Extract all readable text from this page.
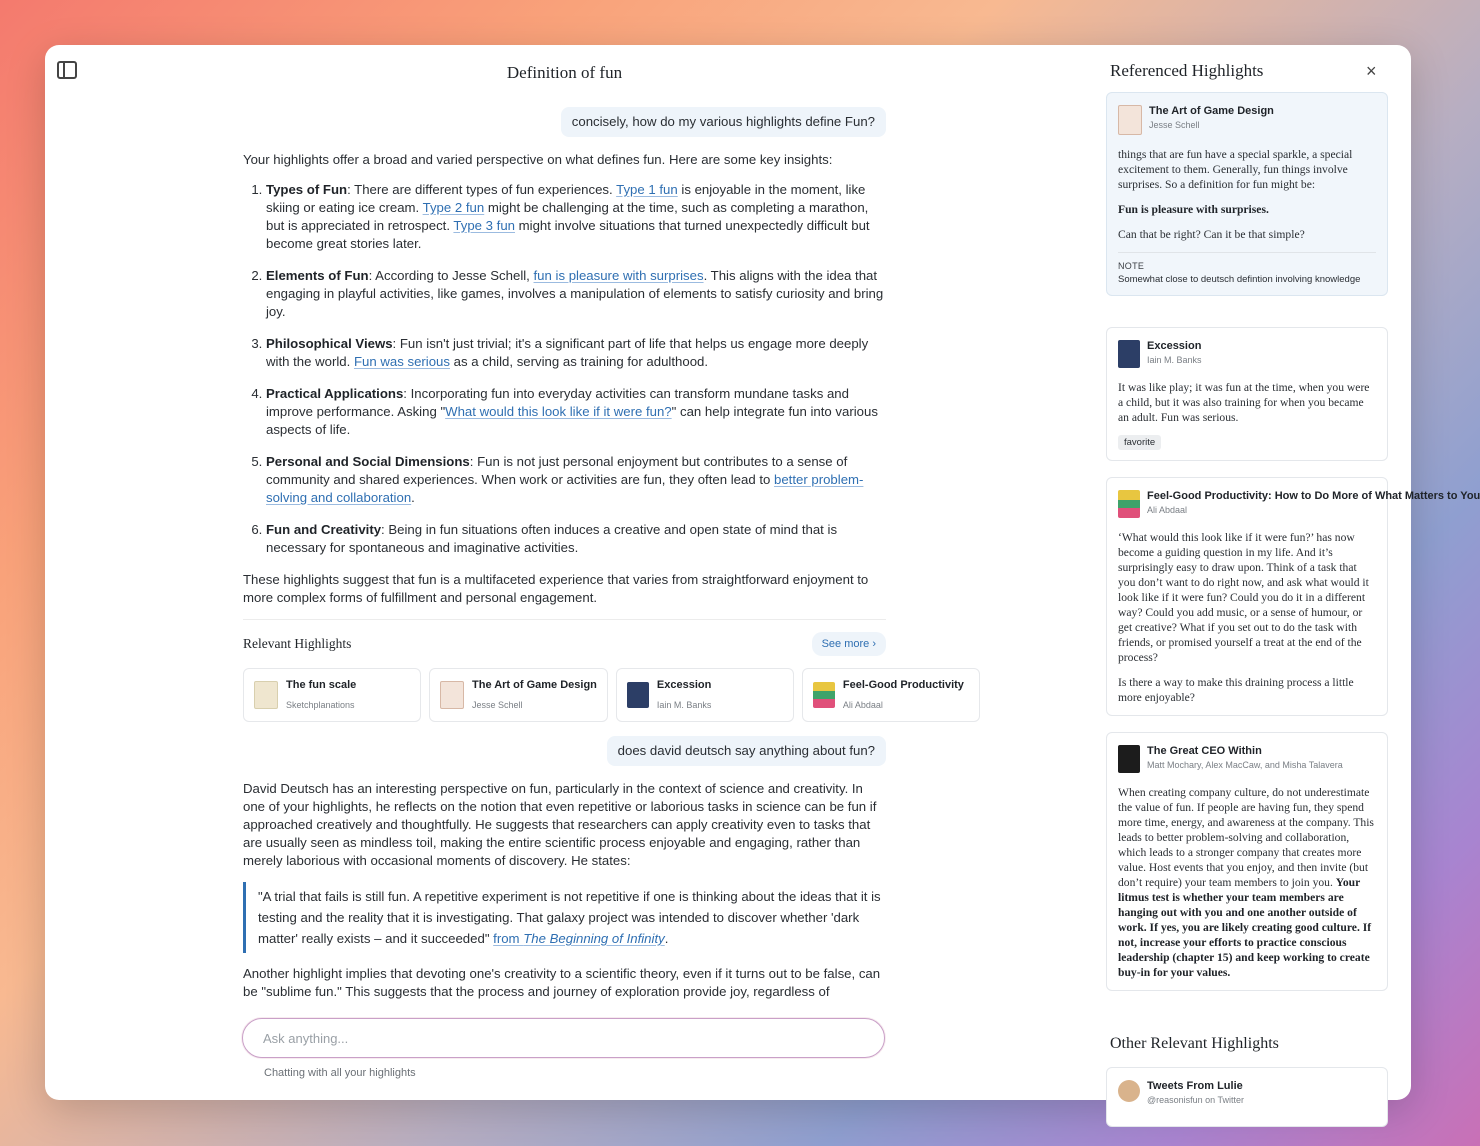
Definition of fun
concisely, how do my various highlights define Fun?

Your highlights offer a broad and varied perspective on what defines fun. Here are some key insights:

1. Types of Fun: There are different types of fun experiences. Type 1 fun is enjoyable in the moment, like skiing or eating ice cream. Type 2 fun might be challenging at the time, such as completing a marathon, but is appreciated in retrospect. Type 3 fun might involve situations that turned unexpectedly difficult but become great stories later.
2. Elements of Fun: According to Jesse Schell, fun is pleasure with surprises. This aligns with the idea that engaging in playful activities, like games, involves a manipulation of elements to satisfy curiosity and bring joy.
3. Philosophical Views: Fun isn't just trivial; it's a significant part of life that helps us engage more deeply with the world. Fun was serious as a child, serving as training for adulthood.
4. Practical Applications: Incorporating fun into everyday activities can transform mundane tasks and improve performance. Asking "What would this look like if it were fun?" can help integrate fun into various aspects of life.
5. Personal and Social Dimensions: Fun is not just personal enjoyment but contributes to a sense of community and shared experiences. When work or activities are fun, they often lead to better problem-solving and collaboration.
6. Fun and Creativity: Being in fun situations often induces a creative and open state of mind that is necessary for spontaneous and imaginative activities.

These highlights suggest that fun is a multifaceted experience that varies from straightforward enjoyment to more complex forms of fulfillment and personal engagement.

Relevant Highlights	See more ›
The fun scale
Sketchplanations
The Art of Game Design
Jesse Schell
Excession
Iain M. Banks
Feel-Good Productivity
Ali Abdaal
does david deutsch say anything about fun?

David Deutsch has an interesting perspective on fun, particularly in the context of science and creativity. In one of your highlights, he reflects on the notion that even repetitive or laborious tasks in science can be fun if approached creatively and thoughtfully. He suggests that researchers can apply creativity even to tasks that are usually seen as mindless toil, making the entire scientific process enjoyable and engaging, rather than merely laborious with occasional moments of discovery. He states:

"A trial that fails is still fun. A repetitive experiment is not repetitive if one is thinking about the ideas that it is testing and the reality that it is investigating. That galaxy project was intended to discover whether 'dark matter' really exists – and it succeeded" from The Beginning of Infinity.

Another highlight implies that devoting one's creativity to a scientific theory, even if it turns out to be false, can be "sublime fun." This suggests that the process and journey of exploration provide joy, regardless of

Ask anything...
Chatting with all your highlights
Referenced Highlights	×
The Art of Game Design
Jesse Schell
things that are fun have a special sparkle, a special excitement to them. Generally, fun things involve surprises. So a definition for fun might be:
Fun is pleasure with surprises.
Can that be right? Can it be that simple?
NOTE
Somewhat close to deutsch defintion involving knowledge
Excession
Iain M. Banks
It was like play; it was fun at the time, when you were a child, but it was also training for when you became an adult. Fun was serious.
favorite
Feel-Good Productivity: How to Do More of What Matters to You
Ali Abdaal
‘What would this look like if it were fun?’ has now become a guiding question in my life. And it’s surprisingly easy to draw upon. Think of a task that you don’t want to do right now, and ask what would it look like if it were fun? Could you do it in a different way? Could you add music, or a sense of humour, or get creative? What if you set out to do the task with friends, or promised yourself a treat at the end of the process?
Is there a way to make this draining process a little more enjoyable?
The Great CEO Within
Matt Mochary, Alex MacCaw, and Misha Talavera
When creating company culture, do not underestimate the value of fun. If people are having fun, they spend more time, energy, and awareness at the company. This leads to better problem-solving and collaboration, which leads to a stronger company that creates more value. Host events that you enjoy, and then invite (but don’t require) your team members to join you. Your litmus test is whether your team members are hanging out with you and one another outside of work. If yes, you are likely creating good culture. If not, increase your efforts to practice conscious leadership (chapter 15) and keep working to create buy-in for your values.
Other Relevant Highlights
Tweets From Lulie
@reasonisfun on Twitter
